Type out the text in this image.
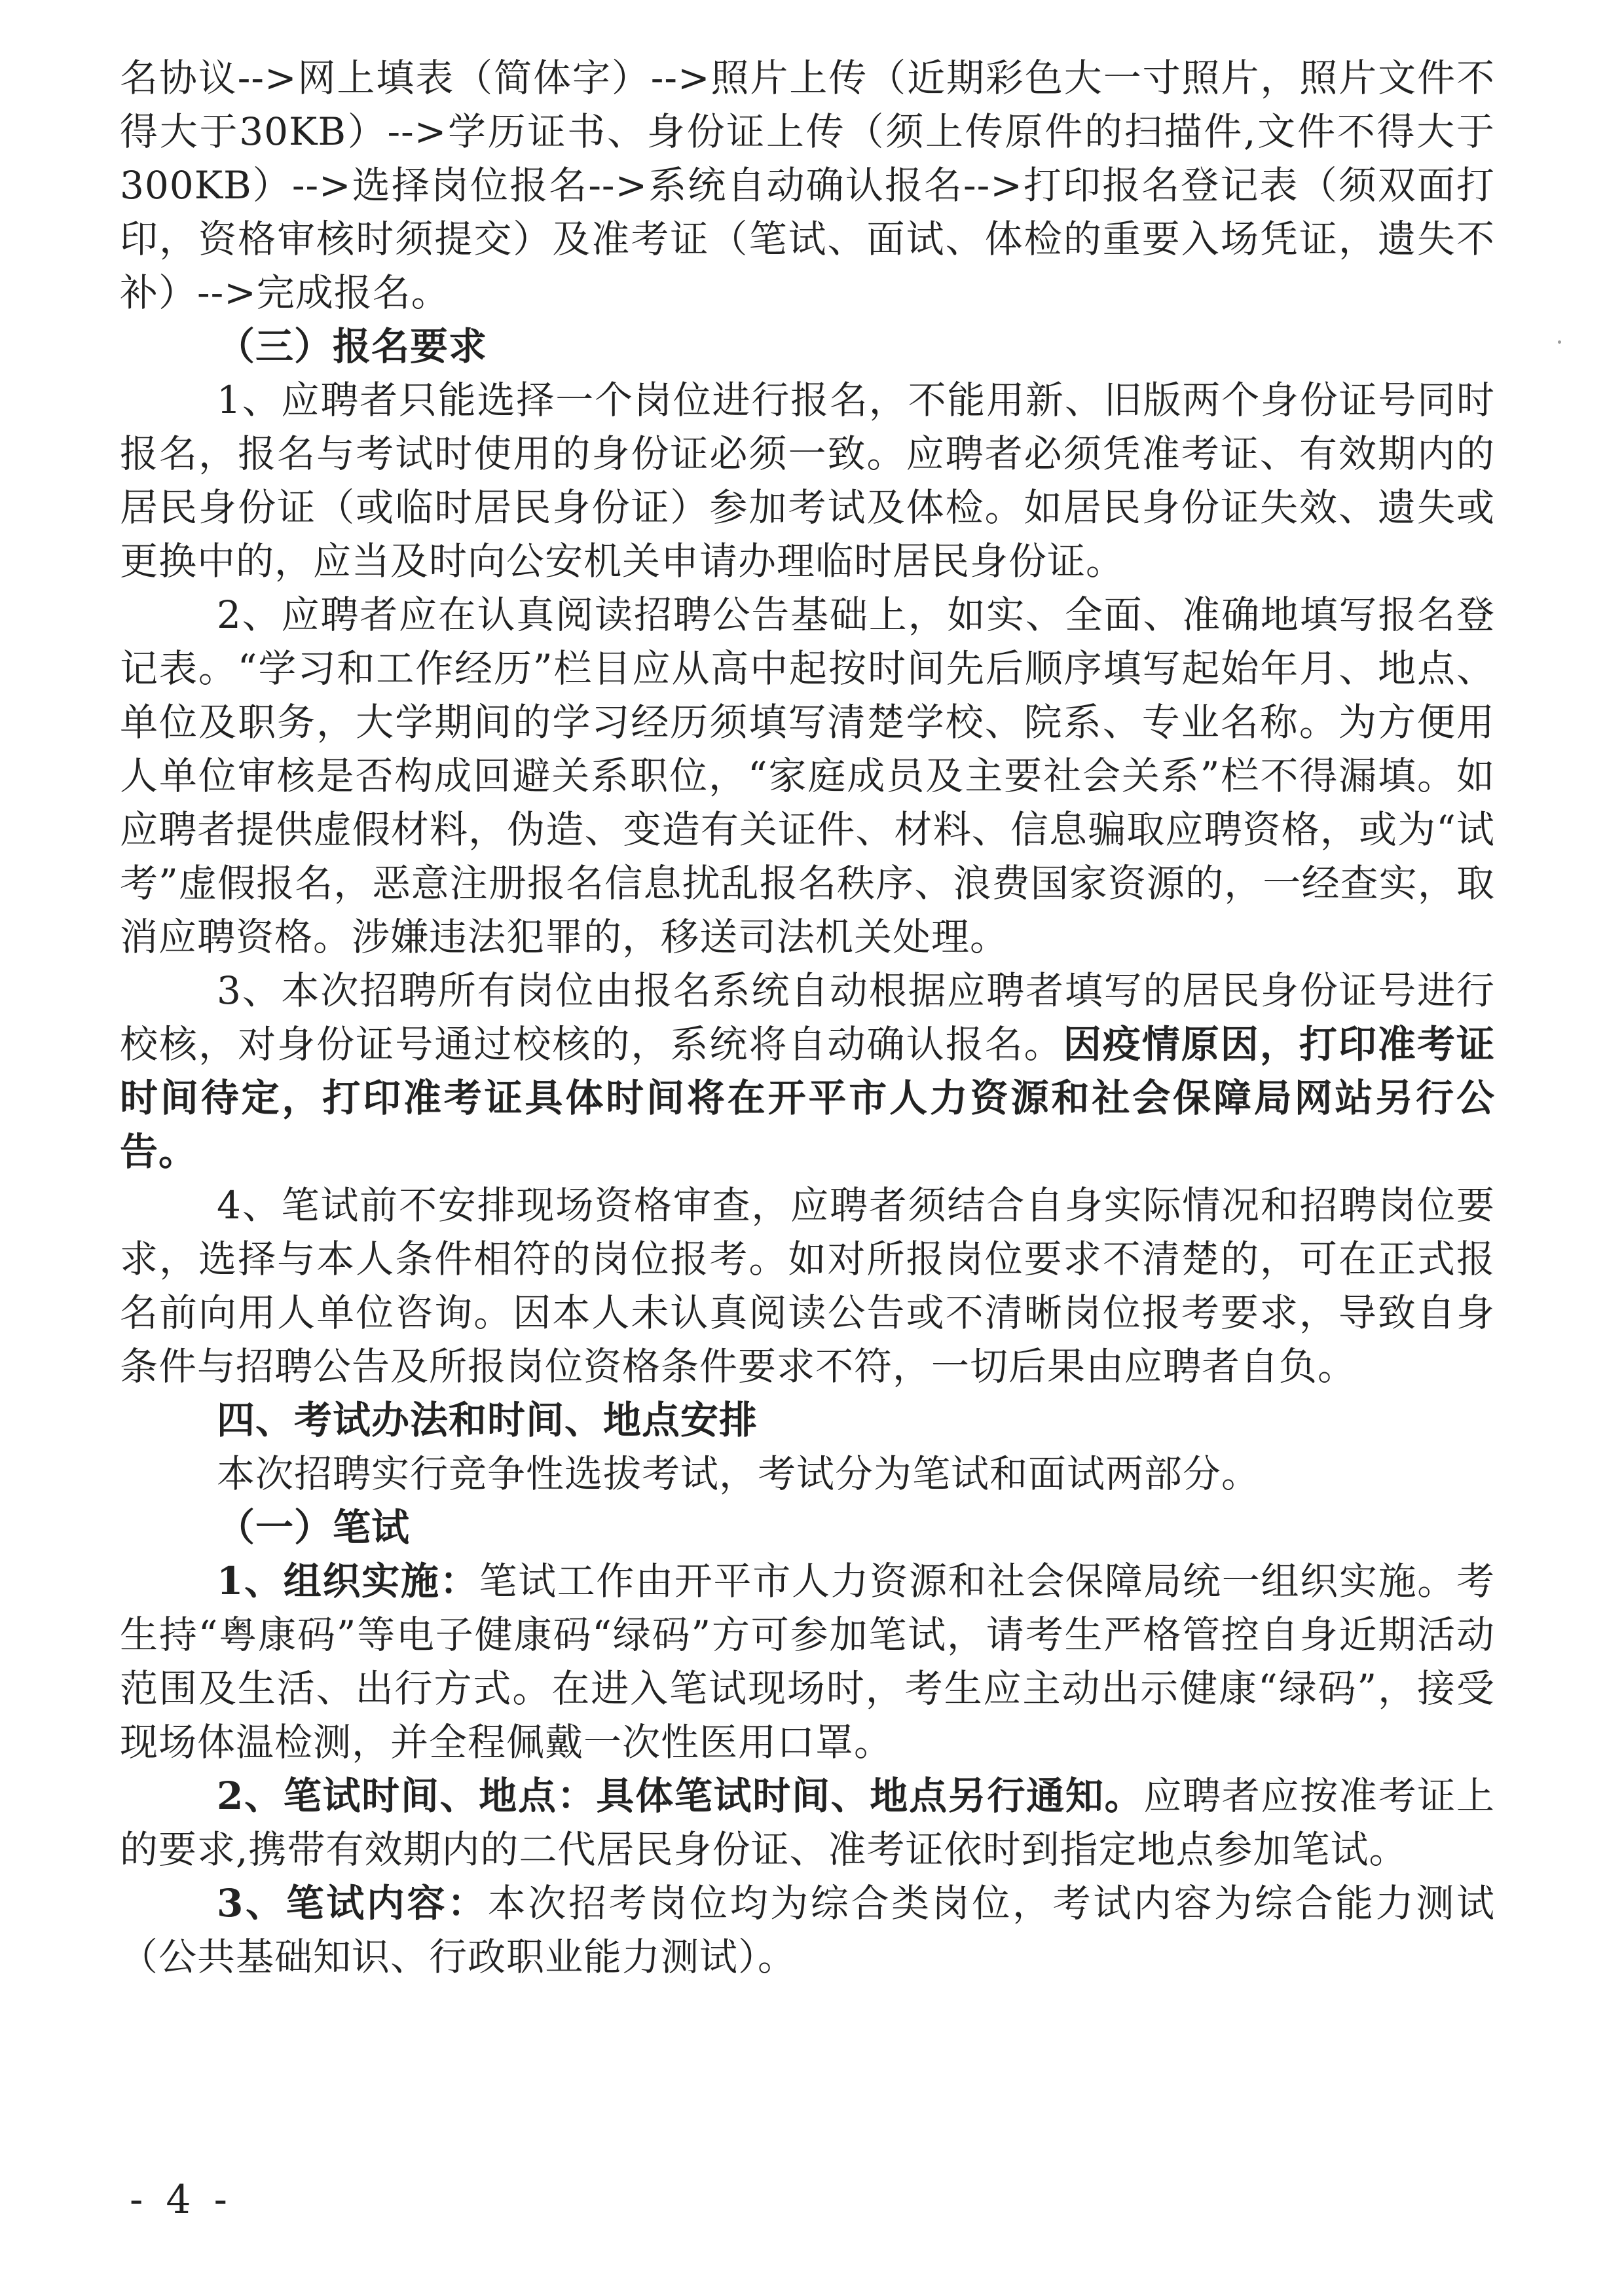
名协议-->网上填表（简体字）-->照片上传（近期彩色大一寸照片，照片文件不得大于30KB）-->学历证书、身份证上传（须上传原件的扫描件,文件不得大于300KB）-->选择岗位报名-->系统自动确认报名-->打印报名登记表（须双面打印，资格审核时须提交）及准考证（笔试、面试、体检的重要入场凭证，遗失不补）-->完成报名。

（三）报名要求

1、应聘者只能选择一个岗位进行报名，不能用新、旧版两个身份证号同时报名，报名与考试时使用的身份证必须一致。应聘者必须凭准考证、有效期内的居民身份证（或临时居民身份证）参加考试及体检。如居民身份证失效、遗失或更换中的，应当及时向公安机关申请办理临时居民身份证。

2、应聘者应在认真阅读招聘公告基础上，如实、全面、准确地填写报名登记表。“学习和工作经历”栏目应从高中起按时间先后顺序填写起始年月、地点、单位及职务，大学期间的学习经历须填写清楚学校、院系、专业名称。为方便用人单位审核是否构成回避关系职位，“家庭成员及主要社会关系”栏不得漏填。如应聘者提供虚假材料，伪造、变造有关证件、材料、信息骗取应聘资格，或为“试考”虚假报名，恶意注册报名信息扰乱报名秩序、浪费国家资源的，一经查实，取消应聘资格。涉嫌违法犯罪的，移送司法机关处理。

3、本次招聘所有岗位由报名系统自动根据应聘者填写的居民身份证号进行校核，对身份证号通过校核的，系统将自动确认报名。因疫情原因，打印准考证时间待定，打印准考证具体时间将在开平市人力资源和社会保障局网站另行公告。

4、笔试前不安排现场资格审查，应聘者须结合自身实际情况和招聘岗位要求，选择与本人条件相符的岗位报考。如对所报岗位要求不清楚的，可在正式报名前向用人单位咨询。因本人未认真阅读公告或不清晰岗位报考要求，导致自身条件与招聘公告及所报岗位资格条件要求不符，一切后果由应聘者自负。

四、考试办法和时间、地点安排

本次招聘实行竞争性选拔考试，考试分为笔试和面试两部分。

（一）笔试

1、组织实施：笔试工作由开平市人力资源和社会保障局统一组织实施。考生持“粤康码”等电子健康码“绿码”方可参加笔试，请考生严格管控自身近期活动范围及生活、出行方式。在进入笔试现场时，考生应主动出示健康“绿码”，接受现场体温检测，并全程佩戴一次性医用口罩。

2、笔试时间、地点：具体笔试时间、地点另行通知。应聘者应按准考证上的要求,携带有效期内的二代居民身份证、准考证依时到指定地点参加笔试。

3、笔试内容：本次招考岗位均为综合类岗位，考试内容为综合能力测试（公共基础知识、行政职业能力测试）。

- 4 -
